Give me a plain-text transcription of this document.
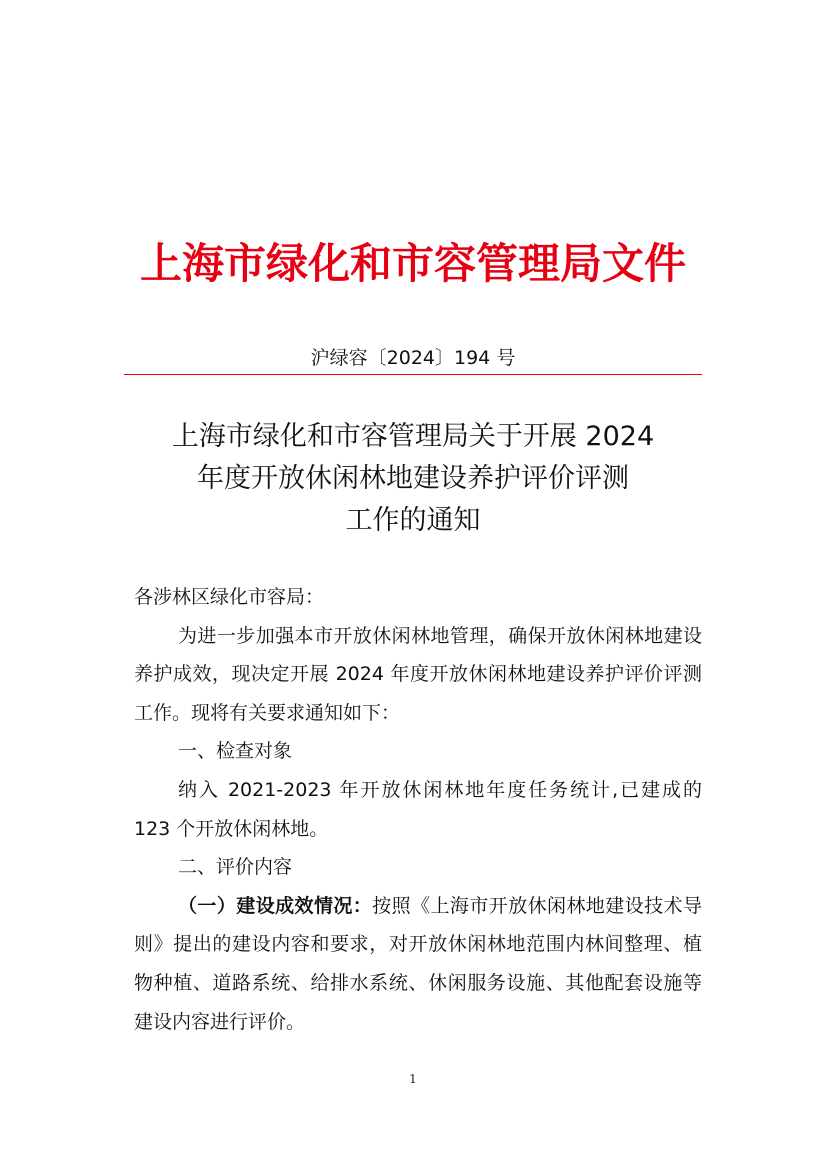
上海市绿化和市容管理局文件
沪绿容〔2024〕194 号
上海市绿化和市容管理局关于开展 2024
年度开放休闲林地建设养护评价评测
工作的通知

各涉林区绿化市容局：

为进一步加强本市开放休闲林地管理，确保开放休闲林地建设养护成效，现决定开展 2024 年度开放休闲林地建设养护评价评测工作。现将有关要求通知如下：

一、检查对象

纳入 2021-2023 年开放休闲林地年度任务统计,已建成的 123 个开放休闲林地。

二、评价内容

（一）建设成效情况：按照《上海市开放休闲林地建设技术导则》提出的建设内容和要求，对开放休闲林地范围内林间整理、植物种植、道路系统、给排水系统、休闲服务设施、其他配套设施等建设内容进行评价。

1
